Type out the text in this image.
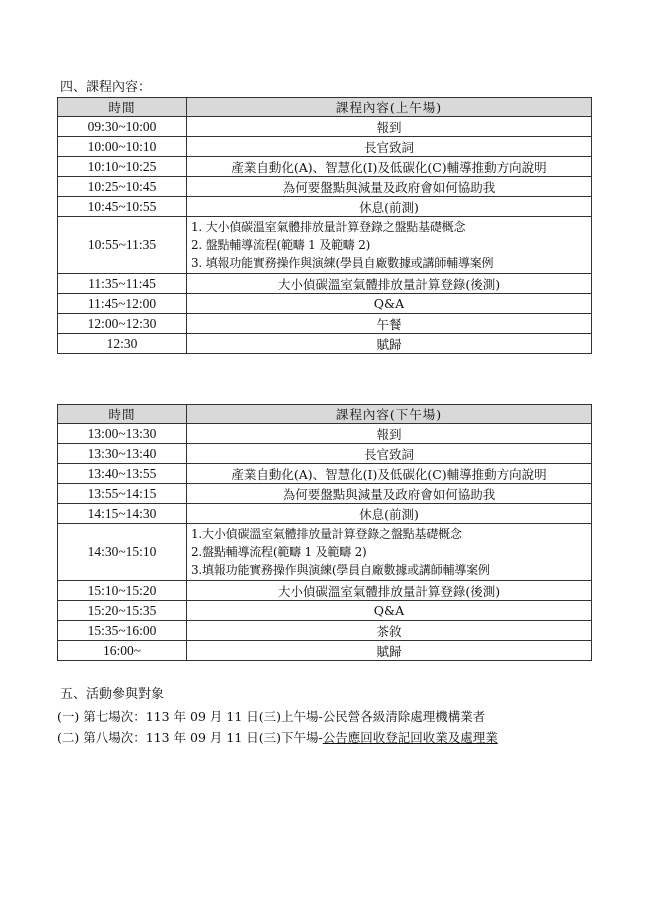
四、課程內容：
時間	課程內容(上午場)
09:30~10:00	報到
10:00~10:10	長官致詞
10:10~10:25	產業自動化(A)、智慧化(I)及低碳化(C)輔導推動方向說明
10:25~10:45	為何要盤點與減量及政府會如何協助我
10:45~10:55	休息(前測)
10:55~11:35	1. 大小偵碳溫室氣體排放量計算登錄之盤點基礎概念
2. 盤點輔導流程(範疇 1 及範疇 2)
3. 填報功能實務操作與演練(學員自廠數據或講師輔導案例

11:35~11:45	大小偵碳溫室氣體排放量計算登錄(後測)
11:45~12:00	Q&A
12:00~12:30	午餐
12:30	賦歸
時間	課程內容(下午場)
13:00~13:30	報到
13:30~13:40	長官致詞
13:40~13:55	產業自動化(A)、智慧化(I)及低碳化(C)輔導推動方向說明
13:55~14:15	為何要盤點與減量及政府會如何協助我
14:15~14:30	休息(前測)
14:30~15:10	1.大小偵碳溫室氣體排放量計算登錄之盤點基礎概念
2.盤點輔導流程(範疇 1 及範疇 2)
3.填報功能實務操作與演練(學員自廠數據或講師輔導案例

15:10~15:20	大小偵碳溫室氣體排放量計算登錄(後測)
15:20~15:35	Q&A
15:35~16:00	茶敘
16:00~	賦歸
五、活動參與對象
(一) 第七場次：113 年 09 月 11 日(三)上午場-公民營各級清除處理機構業者
(二) 第八場次：113 年 09 月 11 日(三)下午場-公告應回收登記回收業及處理業
